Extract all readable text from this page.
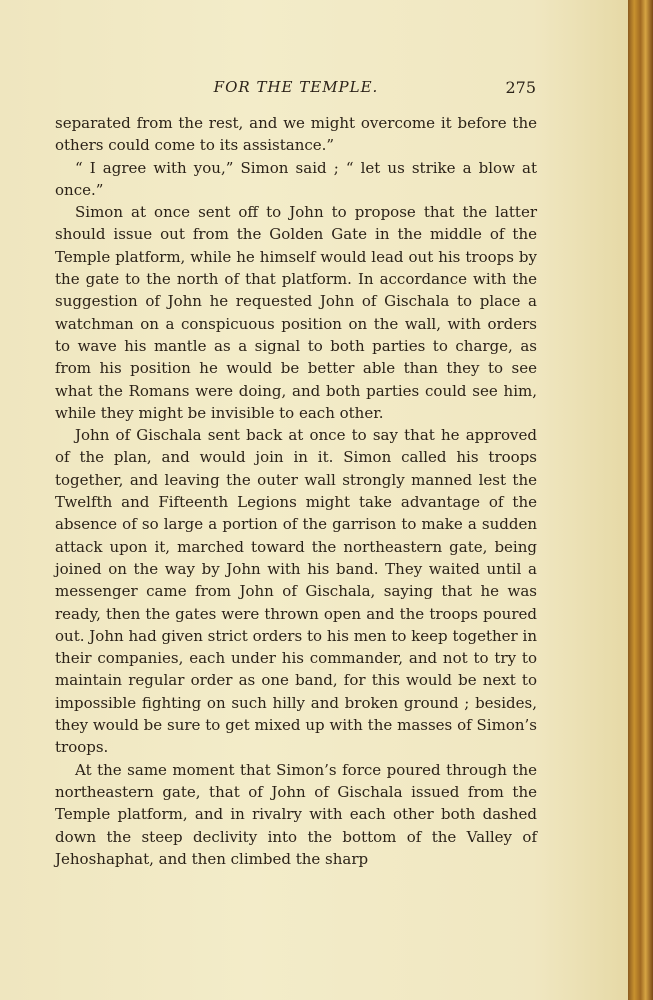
FOR THE TEMPLE.	275

separated from the rest, and we might overcome it before the others could come to its assistance.”

“ I agree with you,” Simon said ; “ let us strike a blow at once.”

Simon at once sent off to John to propose that the latter should issue out from the Golden Gate in the middle of the Temple platform, while he himself would lead out his troops by the gate to the north of that platform. In accordance with the suggestion of John he requested John of Gischala to place a watchman on a conspicuous position on the wall, with orders to wave his mantle as a signal to both parties to charge, as from his position he would be better able than they to see what the Romans were doing, and both parties could see him, while they might be invisible to each other.

John of Gischala sent back at once to say that he approved of the plan, and would join in it. Simon called his troops together, and leaving the outer wall strongly manned lest the Twelfth and Fifteenth Legions might take advantage of the absence of so large a portion of the garrison to make a sudden attack upon it, marched toward the northeastern gate, being joined on the way by John with his band. They waited until a messenger came from John of Gischala, saying that he was ready, then the gates were thrown open and the troops poured out. John had given strict orders to his men to keep together in their companies, each under his commander, and not to try to maintain regular order as one band, for this would be next to impossible fighting on such hilly and broken ground ; besides, they would be sure to get mixed up with the masses of Simon’s troops.

At the same moment that Simon’s force poured through the northeastern gate, that of John of Gischala issued from the Temple platform, and in rivalry with each other both dashed down the steep declivity into the bottom of the Valley of Jehoshaphat, and then climbed the sharp
